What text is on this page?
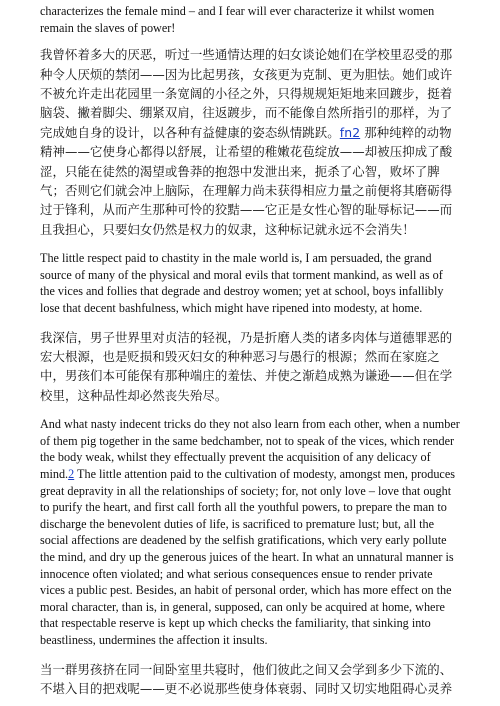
characterizes the female mind – and I fear will ever characterize it whilst women remain the slaves of power!

我曾怀着多大的厌恶，听过一些通情达理的妇女谈论她们在学校里忍受的那种令人厌烦的禁闭——因为比起男孩，女孩更为克制、更为胆怯。她们或许不被允许走出花园里一条宽阔的小径之外，只得规规矩矩地来回踱步，挺着脑袋、撇着脚尖、绷紧双肩，往返踱步，而不能像自然所指引的那样，为了完成她自身的设计，以各种有益健康的姿态纵情跳跃。fn2 那种纯粹的动物精神——它使身心都得以舒展，让希望的稚嫩花苞绽放——却被压抑成了酸涩，只能在徒然的渴望或鲁莽的抱怨中发泄出来，扼杀了心智，败坏了脾气；否则它们就会冲上脑际，在理解力尚未获得相应力量之前便将其磨砺得过于锋利，从而产生那种可怜的狡黠——它正是女性心智的耻辱标记——而且我担心，只要妇女仍然是权力的奴隶，这种标记就永远不会消失！

The little respect paid to chastity in the male world is, I am persuaded, the grand source of many of the physical and moral evils that torment mankind, as well as of the vices and follies that degrade and destroy women; yet at school, boys infallibly lose that decent bashfulness, which might have ripened into modesty, at home.

我深信，男子世界里对贞洁的轻视，乃是折磨人类的诸多肉体与道德罪恶的宏大根源，也是贬损和毁灭妇女的种种恶习与愚行的根源；然而在家庭之中，男孩们本可能保有那种端庄的羞怯、并使之渐趋成熟为谦逊——但在学校里，这种品性却必然丧失殆尽。

And what nasty indecent tricks do they not also learn from each other, when a number of them pig together in the same bedchamber, not to speak of the vices, which render the body weak, whilst they effectually prevent the acquisition of any delicacy of mind.2 The little attention paid to the cultivation of modesty, amongst men, produces great depravity in all the relationships of society; for, not only love – love that ought to purify the heart, and first call forth all the youthful powers, to prepare the man to discharge the benevolent duties of life, is sacrificed to premature lust; but, all the social affections are deadened by the selfish gratifications, which very early pollute the mind, and dry up the generous juices of the heart. In what an unnatural manner is innocence often violated; and what serious consequences ensue to render private vices a public pest. Besides, an habit of personal order, which has more effect on the moral character, than is, in general, supposed, can only be acquired at home, where that respectable reserve is kept up which checks the familiarity, that sinking into beastliness, undermines the affection it insults.

当一群男孩挤在同一间卧室里共寝时，他们彼此之间又会学到多少下流的、不堪入目的把戏呢——更不必说那些使身体衰弱、同时又切实地阻碍心灵养
